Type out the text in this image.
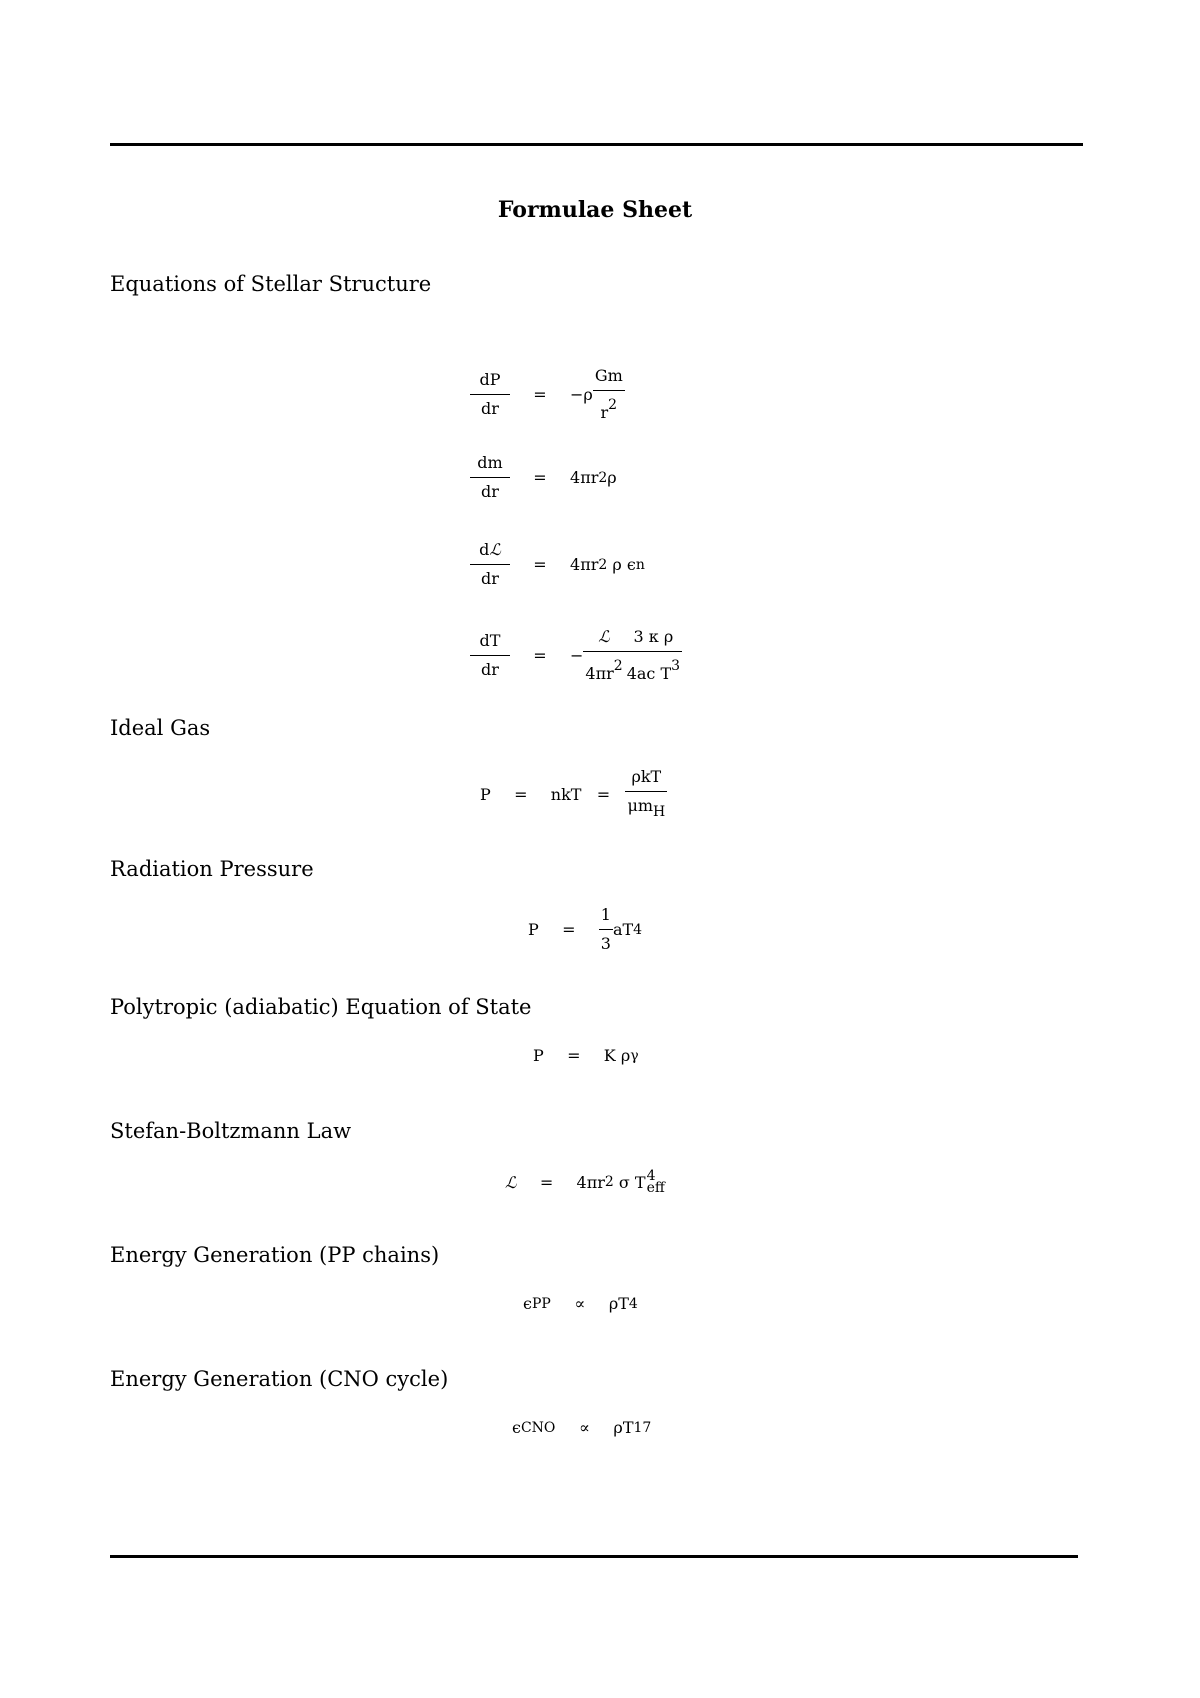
Formulae Sheet
Equations of Stellar Structure
$\frac{dP}{dr}$	=	− ρ $\frac{Gm}{r^2}$
$\frac{dm}{dr}$	=	4 π r 2 ρ
$\frac{\text{dℒ}}{dr}$	=	4 π r 2
ρ
ϵ n
$\frac{dT}{dr}$	=	− $\frac{\text{ℒ}}{4\pi r^2} \frac{\text{3 κ ρ}}{4ac T^3}$
Ideal Gas
P	=	nkT = $\frac{\text{ρkT}}{\mu m_H}$
Radiation Pressure
P	=	$\frac{1}{3}$ a T 4
Polytropic (adiabatic) Equation of State
P	=	K
ρ γ
Stefan-Boltzmann Law
ℒ	=	4 π r 2
σ
T 4
eff
Energy Generation (PP chains)
ϵ PP	∝	ρ T 4
Energy Generation (CNO cycle)
ϵ CNO	∝	ρ T 17
